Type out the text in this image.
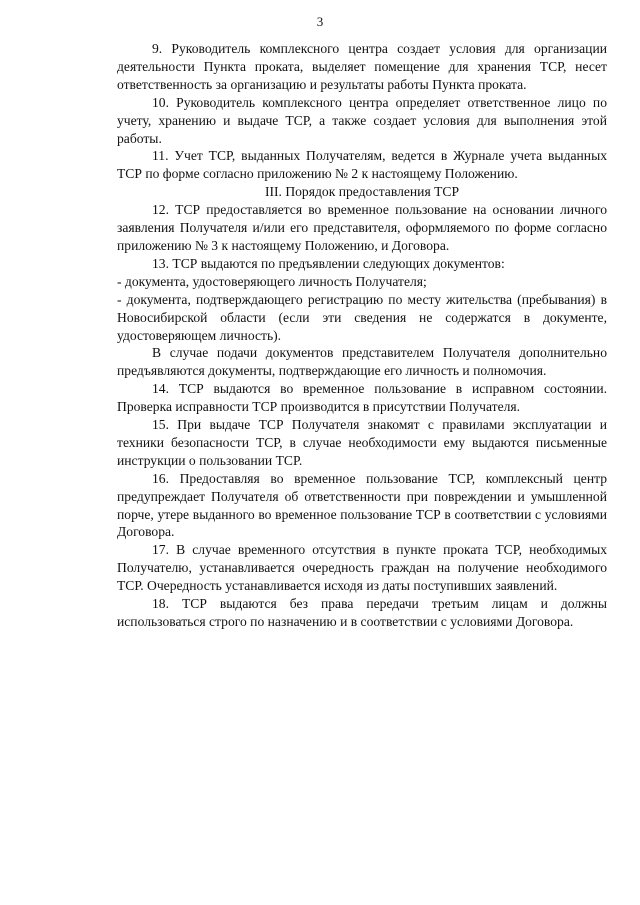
3

9. Руководитель комплексного центра создает условия для организации деятельности Пункта проката, выделяет помещение для хранения ТСР, несет ответственность за организацию и результаты работы Пункта проката.

10. Руководитель комплексного центра определяет ответственное лицо по учету, хранению и выдаче ТСР, а также создает условия для выполнения этой работы.

11. Учет ТСР, выданных Получателям, ведется в Журнале учета выданных ТСР по форме согласно приложению № 2 к настоящему Положению.

III. Порядок предоставления ТСР

12. ТСР предоставляется во временное пользование на основании личного заявления Получателя и/или его представителя, оформляемого по форме согласно приложению № 3 к настоящему Положению, и Договора.

13. ТСР выдаются по предъявлении следующих документов:

- документа, удостоверяющего личность Получателя;

- документа, подтверждающего регистрацию по месту жительства (пребывания) в Новосибирской области (если эти сведения не содержатся в документе, удостоверяющем личность).

В случае подачи документов представителем Получателя дополнительно предъявляются документы, подтверждающие его личность и полномочия.

14. ТСР выдаются во временное пользование в исправном состоянии. Проверка исправности ТСР производится в присутствии Получателя.

15. При выдаче ТСР Получателя знакомят с правилами эксплуатации и техники безопасности ТСР, в случае необходимости ему выдаются письменные инструкции о пользовании ТСР.

16. Предоставляя во временное пользование ТСР, комплексный центр предупреждает Получателя об ответственности при повреждении и умышленной порче, утере выданного во временное пользование ТСР в соответствии с условиями Договора.

17. В случае временного отсутствия в пункте проката ТСР, необходимых Получателю, устанавливается очередность граждан на получение необходимого ТСР. Очередность устанавливается исходя из даты поступивших заявлений.

18. ТСР выдаются без права передачи третьим лицам и должны использоваться строго по назначению и в соответствии с условиями Договора.
